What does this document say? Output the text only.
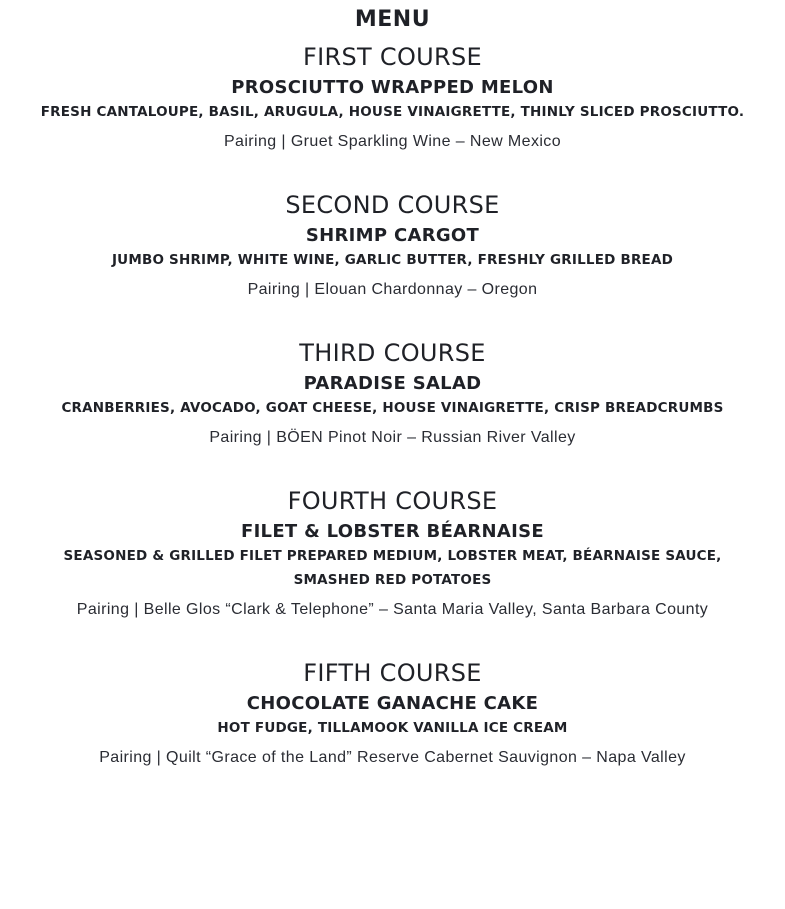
MENU
FIRST COURSE
PROSCIUTTO WRAPPED MELON

FRESH CANTALOUPE, BASIL, ARUGULA, HOUSE VINAIGRETTE, THINLY SLICED PROSCIUTTO.

Pairing | Gruet Sparkling Wine – New Mexico

SECOND COURSE
SHRIMP CARGOT

JUMBO SHRIMP, WHITE WINE, GARLIC BUTTER, FRESHLY GRILLED BREAD

Pairing | Elouan Chardonnay – Oregon

THIRD COURSE
PARADISE SALAD

CRANBERRIES, AVOCADO, GOAT CHEESE, HOUSE VINAIGRETTE, CRISP BREADCRUMBS

Pairing | BÖEN Pinot Noir – Russian River Valley

FOURTH COURSE
FILET & LOBSTER BÉARNAISE

SEASONED & GRILLED FILET PREPARED MEDIUM, LOBSTER MEAT, BÉARNAISE SAUCE, SMASHED RED POTATOES

Pairing | Belle Glos “Clark & Telephone” – Santa Maria Valley, Santa Barbara County

FIFTH COURSE
CHOCOLATE GANACHE CAKE

HOT FUDGE, TILLAMOOK VANILLA ICE CREAM

Pairing | Quilt “Grace of the Land” Reserve Cabernet Sauvignon – Napa Valley
